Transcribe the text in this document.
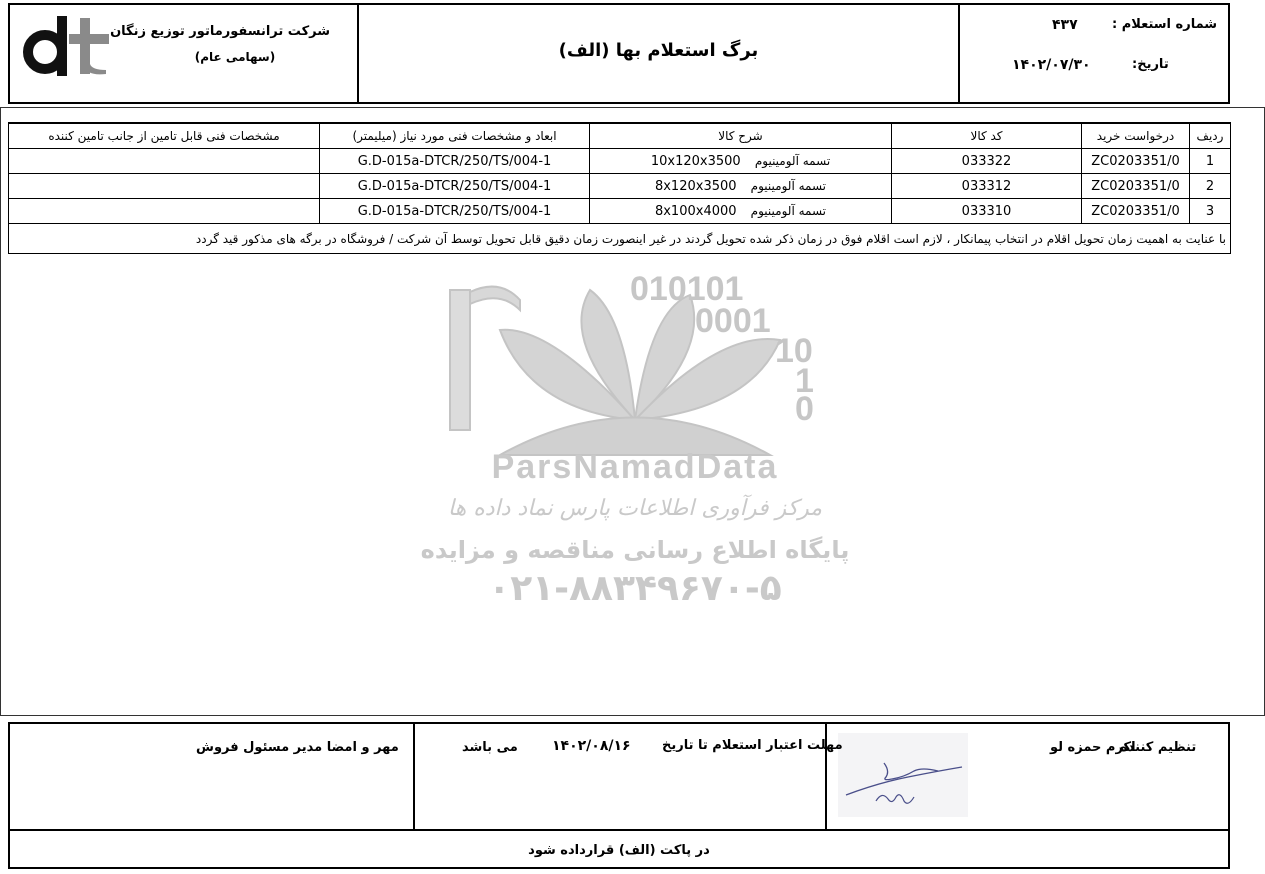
شرکت ترانسفورماتور توزیع زنگان
(سهامی عام)	برگ استعلام بها (الف)
شماره استعلام :
۴۳۷
تاریخ:
۱۴۰۲/۰۷/۳۰
010101
0001
10
1
0
ParsNamadData
مرکز فرآوری اطلاعات پارس نماد داده ها
پایگاه اطلاع رسانی مناقصه و مزایده
۰۲۱-۸۸۳۴۹۶۷۰-۵
ردیف	درخواست خرید	کد کالا	شرح کالا	ابعاد و مشخصات فنی مورد نیاز (میلیمتر)	مشخصات فنی قابل تامین از جانب تامین کننده
1	ZC0203351/0	033322	تسمه آلومینیوم 10x120x3500	G.D-015a-DTCR/250/TS/004-1	
2	ZC0203351/0	033312	تسمه آلومینیوم 8x120x3500	G.D-015a-DTCR/250/TS/004-1	
3	ZC0203351/0	033310	تسمه آلومینیوم 8x100x4000	G.D-015a-DTCR/250/TS/004-1	
با عنایت به اهمیت زمان تحویل اقلام در انتخاب پیمانکار ، لازم است اقلام فوق در زمان ذکر شده تحویل گردند در غیر اینصورت زمان دقیق قابل تحویل توسط آن شرکت / فروشگاه در برگه های مذکور قید گردد					
تنظیم کننده
اکرم حمزه لو
مهلت اعتبار استعلام تا تاریخ
۱۴۰۲/۰۸/۱۶
می باشد
مهر و امضا مدیر مسئول فروش
در پاکت (الف) قرارداده شود
